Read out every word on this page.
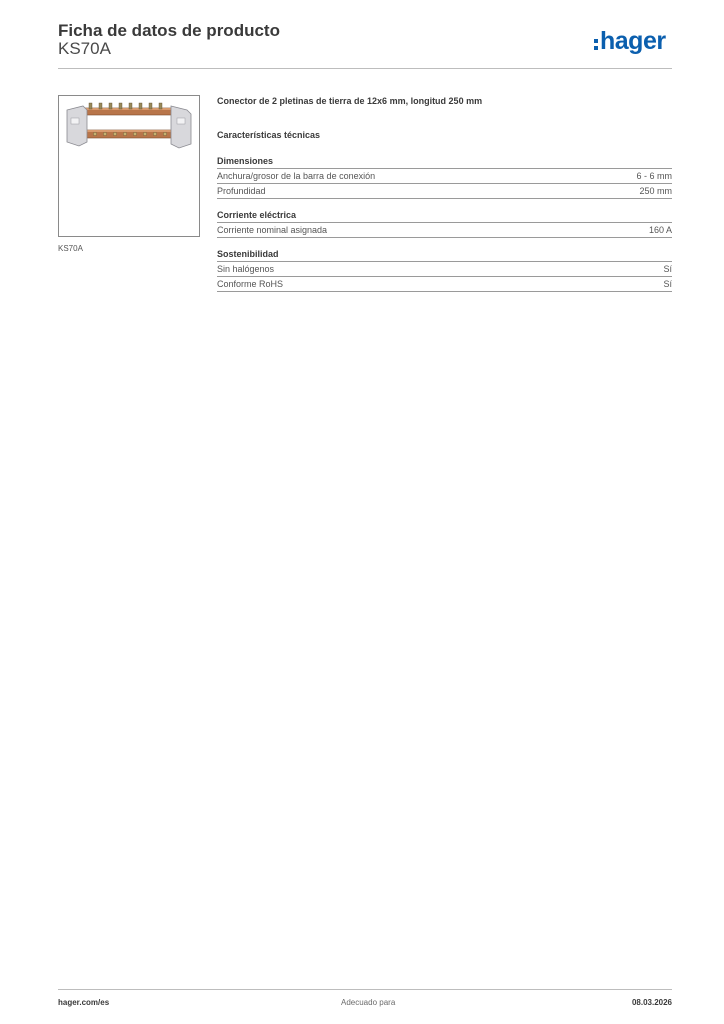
Ficha de datos de producto
KS70A	hager
KS70A

Conector de 2 pletinas de tierra de 12x6 mm, longitud 250 mm

Características técnicas

Dimensiones
Anchura/grosor de la barra de conexión	6 - 6 mm
Profundidad	250 mm
Corriente eléctrica
Corriente nominal asignada	160 A
Sostenibilidad
Sin halógenos	Sí
Conforme RoHS	Sí
hager.com/es	Adecuado para	08.03.2026
